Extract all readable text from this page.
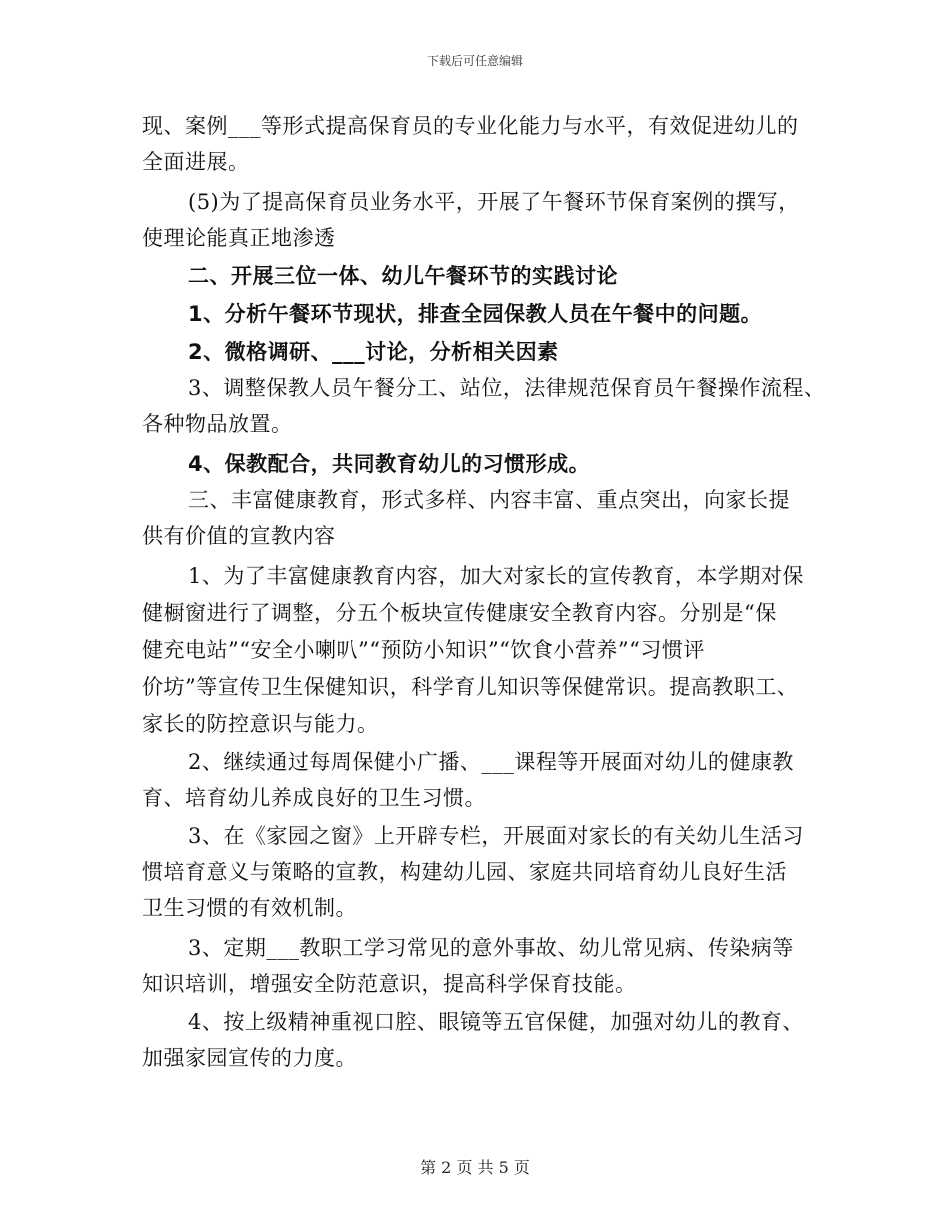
下载后可任意编辑
现、案例___等形式提高保育员的专业化能力与水平，有效促进幼儿的
全面进展。
(5)为了提高保育员业务水平，开展了午餐环节保育案例的撰写，
使理论能真正地渗透
二、开展三位一体、幼儿午餐环节的实践讨论
1、分析午餐环节现状，排查全园保教人员在午餐中的问题。
2、微格调研、___讨论，分析相关因素
3、调整保教人员午餐分工、站位，法律规范保育员午餐操作流程、
各种物品放置。
4、保教配合，共同教育幼儿的习惯形成。
三、丰富健康教育，形式多样、内容丰富、重点突出，向家长提
供有价值的宣教内容
1、为了丰富健康教育内容，加大对家长的宣传教育，本学期对保
健橱窗进行了调整，分五个板块宣传健康安全教育内容。分别是“保
健充电站”“安全小喇叭”“预防小知识”“饮食小营养”“习惯评
价坊”等宣传卫生保健知识，科学育儿知识等保健常识。提高教职工、
家长的防控意识与能力。
2、继续通过每周保健小广播、___课程等开展面对幼儿的健康教
育、培育幼儿养成良好的卫生习惯。
3、在《家园之窗》上开辟专栏，开展面对家长的有关幼儿生活习
惯培育意义与策略的宣教，构建幼儿园、家庭共同培育幼儿良好生活
卫生习惯的有效机制。
3、定期___教职工学习常见的意外事故、幼儿常见病、传染病等
知识培训，增强安全防范意识，提高科学保育技能。
4、按上级精神重视口腔、眼镜等五官保健，加强对幼儿的教育、
加强家园宣传的力度。
第 2 页 共 5 页
